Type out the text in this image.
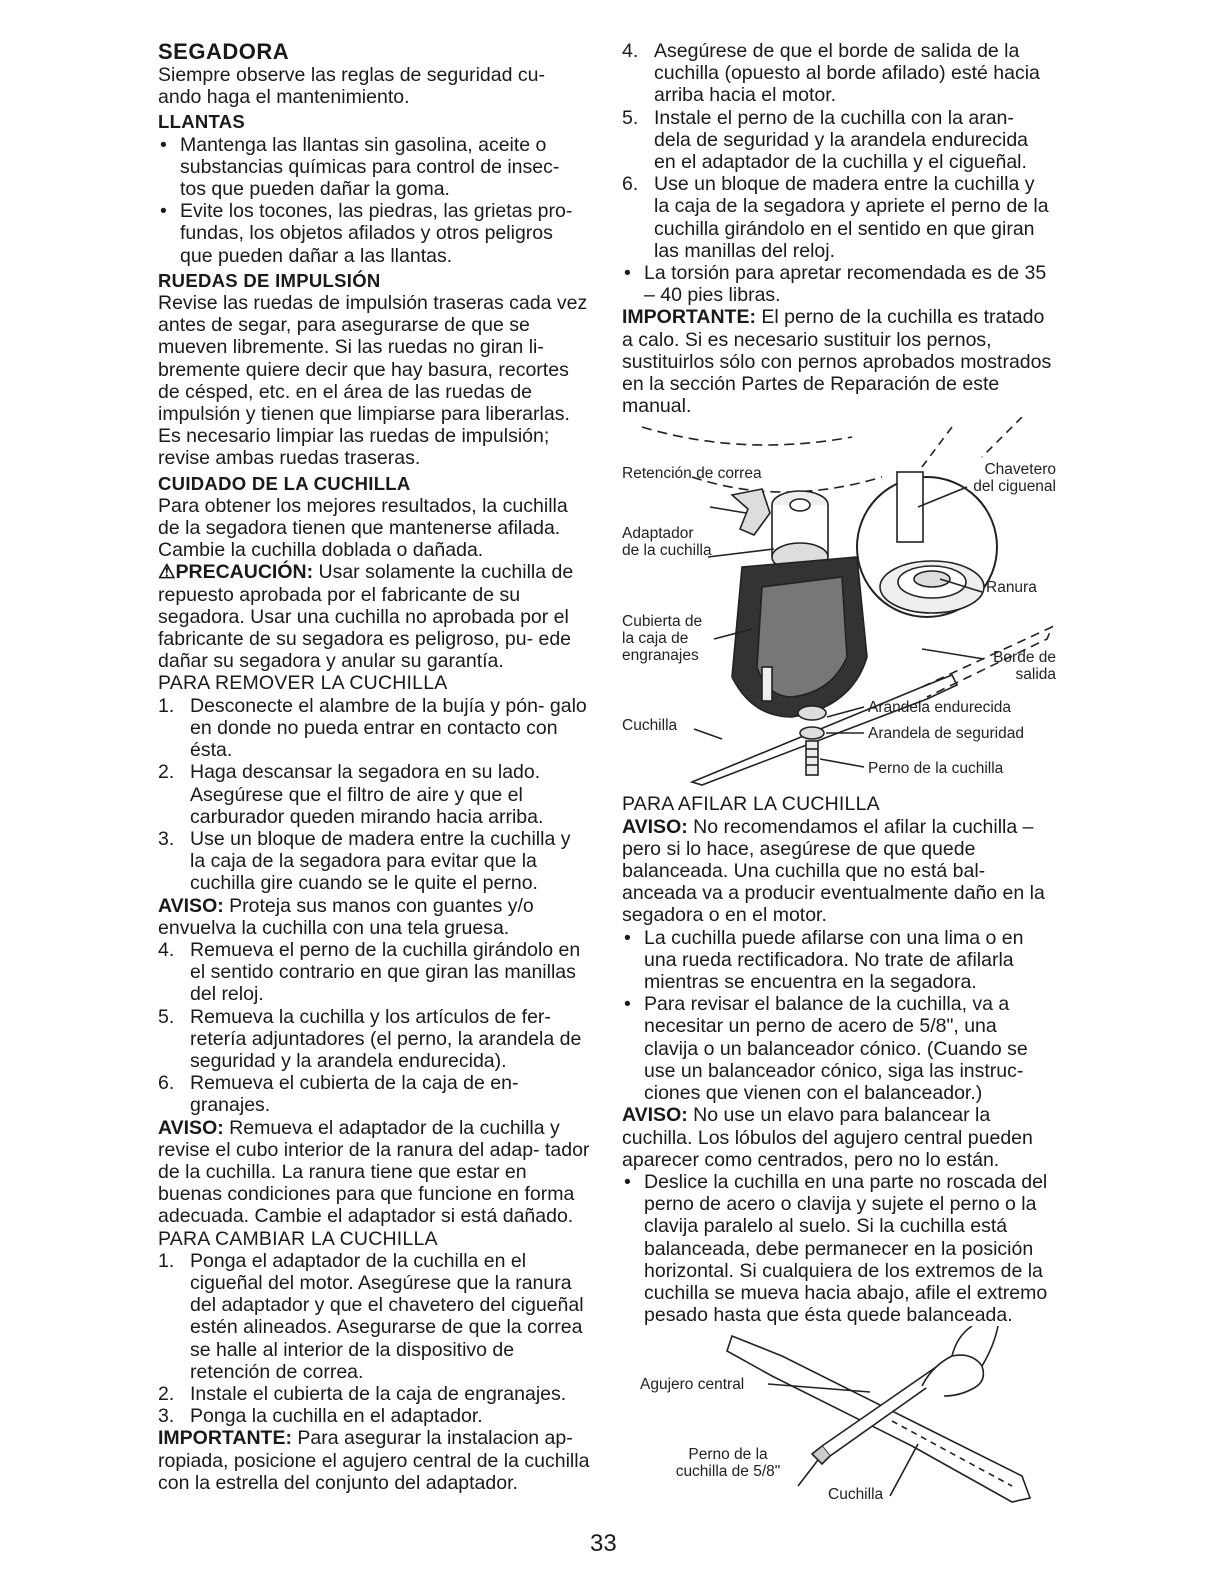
SEGADORA

Siempre observe las reglas de seguridad cu- ando haga el mantenimiento.

LLANTAS
• Mantenga las llantas sin gasolina, aceite o substancias químicas para control de insec- tos que pueden dañar la goma.
• Evite los tocones, las piedras, las grietas pro- fundas, los objetos afilados y otros peligros que pueden dañar a las llantas.
RUEDAS DE IMPULSIÓN

Revise las ruedas de impulsión traseras cada vez antes de segar, para asegurarse de que se mueven libremente. Si las ruedas no giran li- bremente quiere decir que hay basura, recortes de césped, etc. en el área de las ruedas de impulsión y tienen que limpiarse para liberarlas. Es necesario limpiar las ruedas de impulsión; revise ambas ruedas traseras.

CUIDADO DE LA CUCHILLA

Para obtener los mejores resultados, la cuchilla de la segadora tienen que mantenerse afilada. Cambie la cuchilla doblada o dañada.

⚠PRECAUCIÓN: Usar solamente la cuchilla de repuesto aprobada por el fabricante de su segadora. Usar una cuchilla no aprobada por el fabricante de su segadora es peligroso, pu- ede dañar su segadora y anular su garantía.

PARA REMOVER LA CUCHILLA
1. Desconecte el alambre de la bujía y pón- galo en donde no pueda entrar en contacto con ésta.
2. Haga descansar la segadora en su lado. Asegúrese que el filtro de aire y que el carburador queden mirando hacia arriba.
3. Use un bloque de madera entre la cuchilla y la caja de la segadora para evitar que la cuchilla gire cuando se le quite el perno.

AVISO: Proteja sus manos con guantes y/o envuelva la cuchilla con una tela gruesa.

4. Remueva el perno de la cuchilla girándolo en el sentido contrario en que giran las manillas del reloj.
5. Remueva la cuchilla y los artículos de fer- retería adjuntadores (el perno, la arandela de seguridad y la arandela endurecida).
6. Remueva el cubierta de la caja de en- granajes.

AVISO: Remueva el adaptador de la cuchilla y revise el cubo interior de la ranura del adap- tador de la cuchilla. La ranura tiene que estar en buenas condiciones para que funcione en forma adecuada. Cambie el adaptador si está dañado.

PARA CAMBIAR LA CUCHILLA
1. Ponga el adaptador de la cuchilla en el cigueñal del motor. Asegúrese que la ranura del adaptador y que el chavetero del cigueñal estén alineados. Asegurarse de que la correa se halle al interior de la dispositivo de retención de correa.
2. Instale el cubierta de la caja de engranajes.
3. Ponga la cuchilla en el adaptador.

IMPORTANTE: Para asegurar la instalacion ap- ropiada, posicione el agujero central de la cuchilla con la estrella del conjunto del adaptador.

4. Asegúrese de que el borde de salida de la cuchilla (opuesto al borde afilado) esté hacia arriba hacia el motor.
5. Instale el perno de la cuchilla con la aran- dela de seguridad y la arandela endurecida en el adaptador de la cuchilla y el cigueñal.
6. Use un bloque de madera entre la cuchilla y la caja de la segadora y apriete el perno de la cuchilla girándolo en el sentido en que giran las manillas del reloj.
• La torsión para apretar recomendada es de 35 – 40 pies libras.

IMPORTANTE: El perno de la cuchilla es tratado a calo. Si es necesario sustituir los pernos, sustituirlos sólo con pernos aprobados mostrados en la sección Partes de Reparación de este manual.

Retención de correa
Adaptador de la cuchilla
Cubierta de la caja de engranajes
Cuchilla
Chavetero del ciguenal
Ranura
Borde de salida
Arandela endurecida
Arandela de seguridad
Perno de la cuchilla
PARA AFILAR LA CUCHILLA

AVISO: No recomendamos el afilar la cuchilla – pero si lo hace, asegúrese de que quede balanceada. Una cuchilla que no está bal- anceada va a producir eventualmente daño en la segadora o en el motor.

• La cuchilla puede afilarse con una lima o en una rueda rectificadora. No trate de afilarla mientras se encuentra en la segadora.
• Para revisar el balance de la cuchilla, va a necesitar un perno de acero de 5/8", una clavija o un balanceador cónico. (Cuando se use un balanceador cónico, siga las instruc- ciones que vienen con el balanceador.)

AVISO: No use un elavo para balancear la cuchilla. Los lóbulos del agujero central pueden aparecer como centrados, pero no lo están.

• Deslice la cuchilla en una parte no roscada del perno de acero o clavija y sujete el perno o la clavija paralelo al suelo. Si la cuchilla está balanceada, debe permanecer en la posición horizontal. Si cualquiera de los extremos de la cuchilla se mueva hacia abajo, afile el extremo pesado hasta que ésta quede balanceada.
Agujero central
Perno de la cuchilla de 5/8"
Cuchilla
33
